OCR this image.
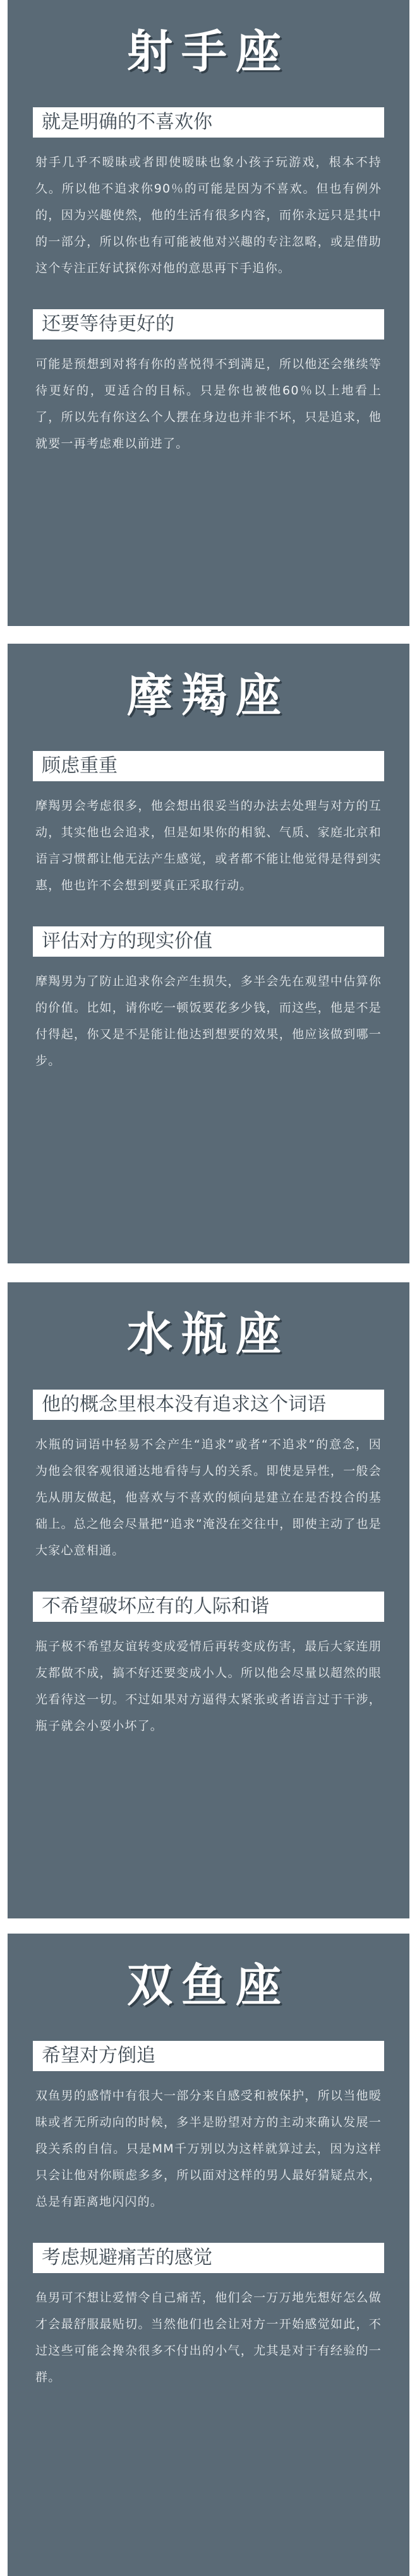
射手座
就是明确的不喜欢你
射手几乎不暧昧或者即使暧昧也象小孩子玩游戏，根本不持久。所以他不追求你90％的可能是因为不喜欢。但也有例外的，因为兴趣使然，他的生活有很多内容，而你永远只是其中的一部分，所以你也有可能被他对兴趣的专注忽略，或是借助这个专注正好试探你对他的意思再下手追你。
还要等待更好的
可能是预想到对将有你的喜悦得不到满足，所以他还会继续等待更好的，更适合的目标。只是你也被他60％以上地看上了，所以先有你这么个人摆在身边也并非不坏，只是追求，他就要一再考虑难以前进了。
摩羯座
顾虑重重
摩羯男会考虑很多，他会想出很妥当的办法去处理与对方的互动，其实他也会追求，但是如果你的相貌、气质、家庭北京和语言习惯都让他无法产生感觉，或者都不能让他觉得是得到实惠，他也许不会想到要真正采取行动。
评估对方的现实价值
摩羯男为了防止追求你会产生损失，多半会先在观望中估算你的价值。比如，请你吃一顿饭要花多少钱，而这些，他是不是付得起，你又是不是能让他达到想要的效果，他应该做到哪一步。
水瓶座
他的概念里根本没有追求这个词语
水瓶的词语中轻易不会产生“追求”或者“不追求”的意念，因为他会很客观很通达地看待与人的关系。即使是异性，一般会先从朋友做起，他喜欢与不喜欢的倾向是建立在是否投合的基础上。总之他会尽量把“追求”淹没在交往中，即使主动了也是大家心意相通。
不希望破坏应有的人际和谐
瓶子极不希望友谊转变成爱情后再转变成伤害，最后大家连朋友都做不成，搞不好还要变成小人。所以他会尽量以超然的眼光看待这一切。不过如果对方逼得太紧张或者语言过于干涉，瓶子就会小耍小坏了。
双鱼座
希望对方倒追
双鱼男的感情中有很大一部分来自感受和被保护，所以当他暧昧或者无所动向的时候，多半是盼望对方的主动来确认发展一段关系的自信。只是MM千万别以为这样就算过去，因为这样只会让他对你顾虑多多，所以面对这样的男人最好猜疑点水，总是有距离地闪闪的。
考虑规避痛苦的感觉
鱼男可不想让爱情令自己痛苦，他们会一万万地先想好怎么做才会最舒服最贴切。当然他们也会让对方一开始感觉如此，不过这些可能会搀杂很多不付出的小气，尤其是对于有经验的一群。
